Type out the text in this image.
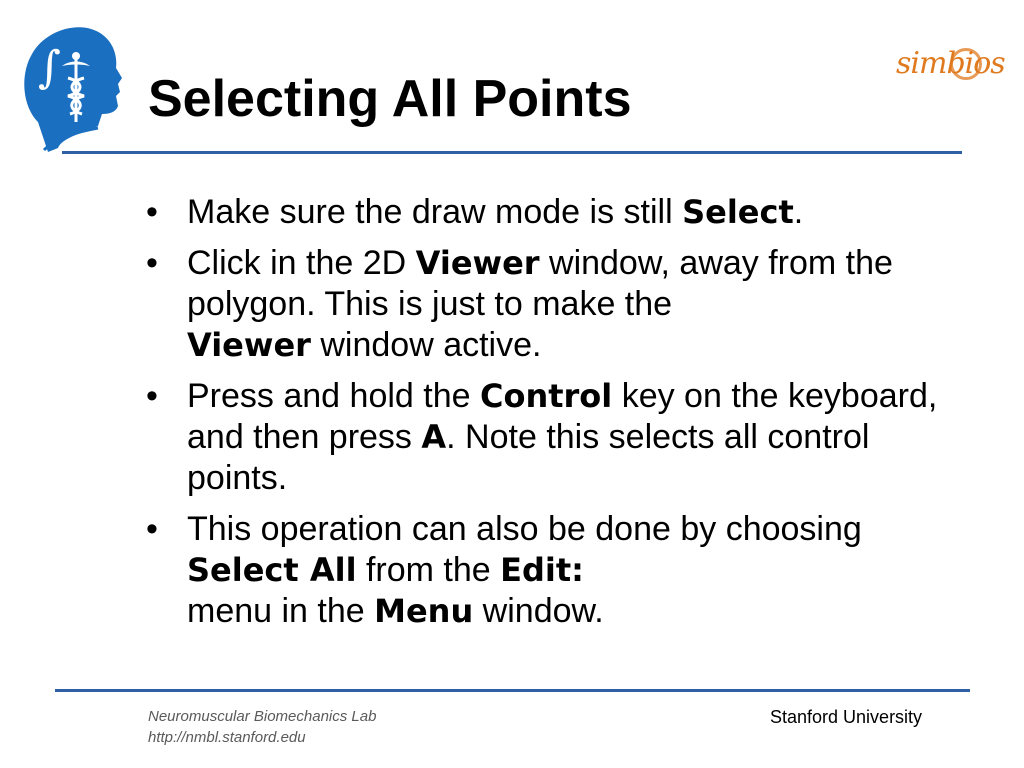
∫
Selecting All Points
simbios
• Make sure the draw mode is still Select.
• Click in the 2D Viewer window, away from the polygon. This is just to make the
Viewer window active.
• Press and hold the Control key on the keyboard, and then press A. Note this selects all control points.
• This operation can also be done by choosing Select All from the Edit:
menu in the Menu window.
Neuromuscular Biomechanics Lab
http://nmbl.stanford.edu
Stanford University
